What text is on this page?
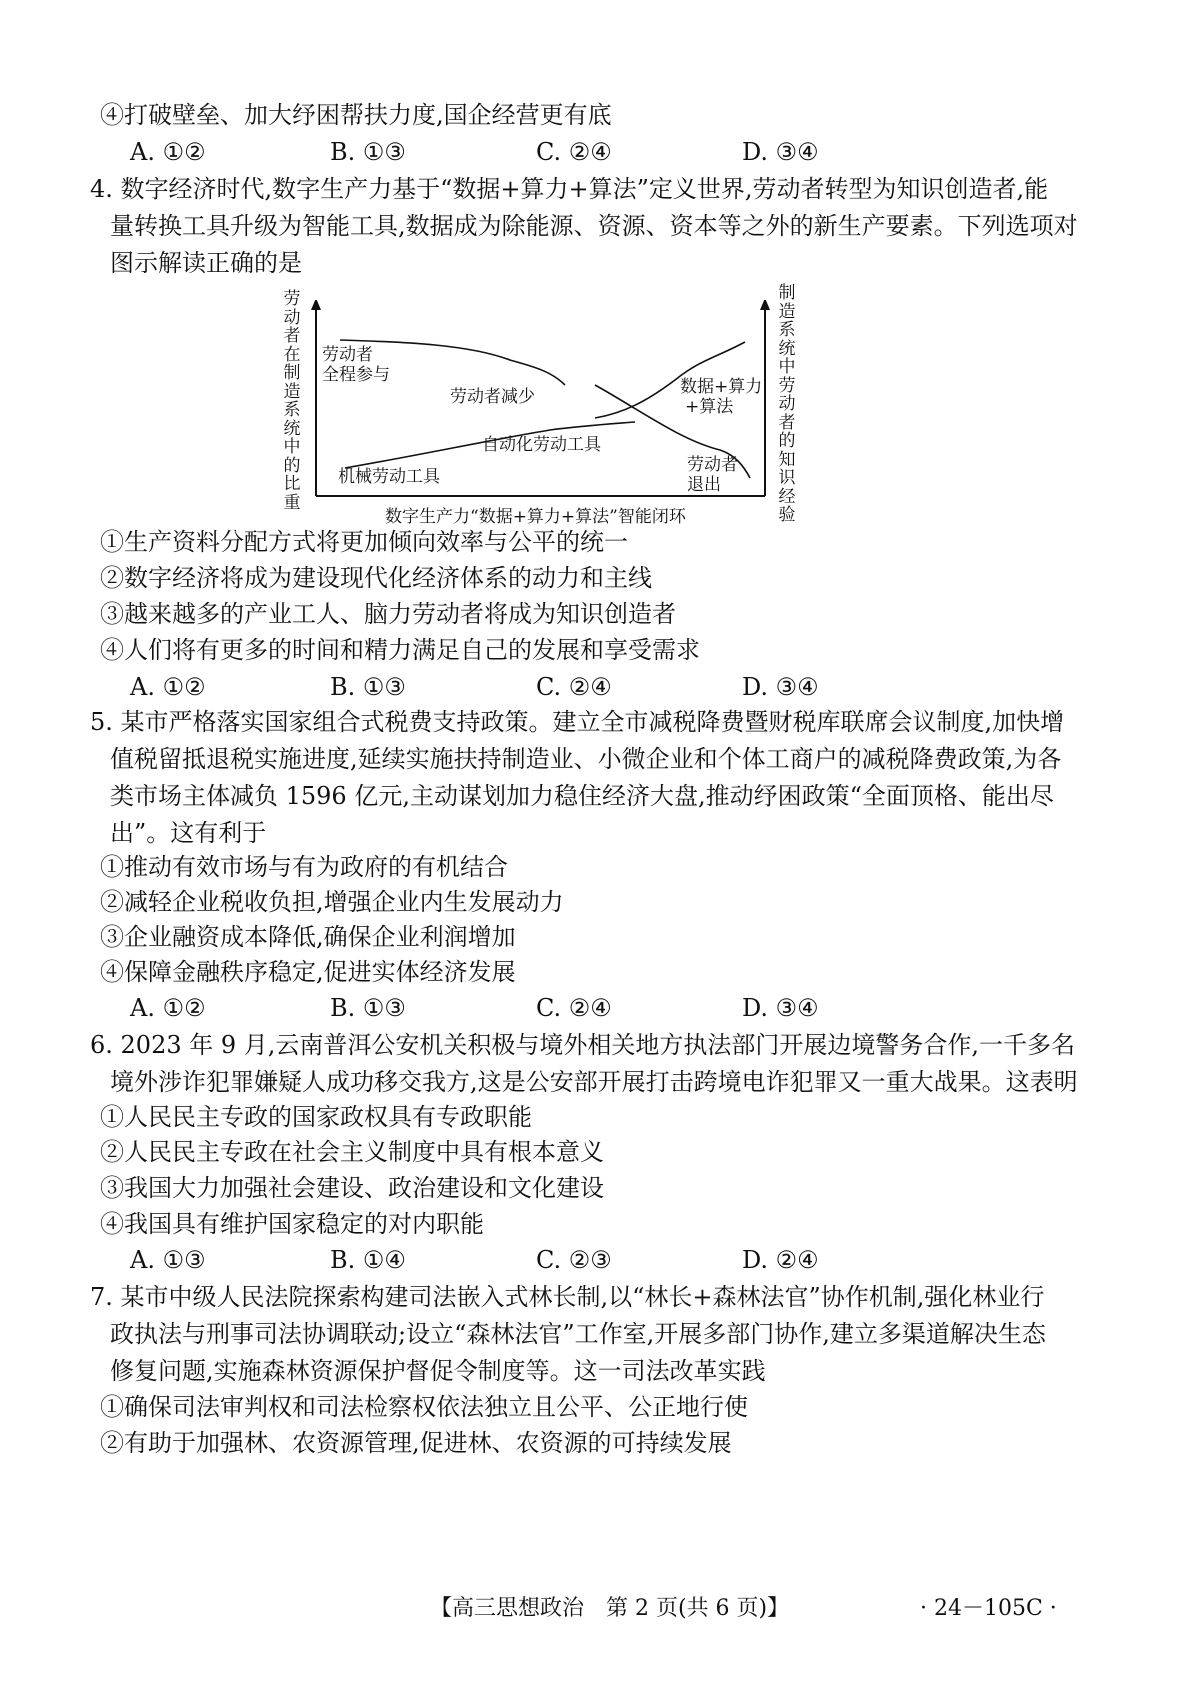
④打破壁垒、加大纾困帮扶力度,国企经营更有底
A. ①②	B. ①③	C. ②④	D. ③④
4. 数字经济时代,数字生产力基于“数据+算力+算法”定义世界,劳动者转型为知识创造者,能
量转换工具升级为智能工具,数据成为除能源、资源、资本等之外的新生产要素。下列选项对
图示解读正确的是
劳动者
全程参与
劳动者减少
自动化劳动工具
机械劳动工具
数据+算力
+算法
劳动者
退出
数字生产力“数据+算力+算法”智能闭环
劳动者在制造系统中的比重
制造系统中劳动者的知识经验
①生产资料分配方式将更加倾向效率与公平的统一
②数字经济将成为建设现代化经济体系的动力和主线
③越来越多的产业工人、脑力劳动者将成为知识创造者
④人们将有更多的时间和精力满足自己的发展和享受需求
A. ①②	B. ①③	C. ②④	D. ③④
5. 某市严格落实国家组合式税费支持政策。建立全市减税降费暨财税库联席会议制度,加快增
值税留抵退税实施进度,延续实施扶持制造业、小微企业和个体工商户的减税降费政策,为各
类市场主体减负 1596 亿元,主动谋划加力稳住经济大盘,推动纾困政策“全面顶格、能出尽
出”。这有利于
①推动有效市场与有为政府的有机结合
②减轻企业税收负担,增强企业内生发展动力
③企业融资成本降低,确保企业利润增加
④保障金融秩序稳定,促进实体经济发展
A. ①②	B. ①③	C. ②④	D. ③④
6. 2023 年 9 月,云南普洱公安机关积极与境外相关地方执法部门开展边境警务合作,一千多名
境外涉诈犯罪嫌疑人成功移交我方,这是公安部开展打击跨境电诈犯罪又一重大战果。这表明
①人民民主专政的国家政权具有专政职能
②人民民主专政在社会主义制度中具有根本意义
③我国大力加强社会建设、政治建设和文化建设
④我国具有维护国家稳定的对内职能
A. ①③	B. ①④	C. ②③	D. ②④
7. 某市中级人民法院探索构建司法嵌入式林长制,以“林长+森林法官”协作机制,强化林业行
政执法与刑事司法协调联动;设立“森林法官”工作室,开展多部门协作,建立多渠道解决生态
修复问题,实施森林资源保护督促令制度等。这一司法改革实践
①确保司法审判权和司法检察权依法独立且公平、公正地行使
②有助于加强林、农资源管理,促进林、农资源的可持续发展
【高三思想政治　第 2 页(共 6 页)】	· 24－105C ·
